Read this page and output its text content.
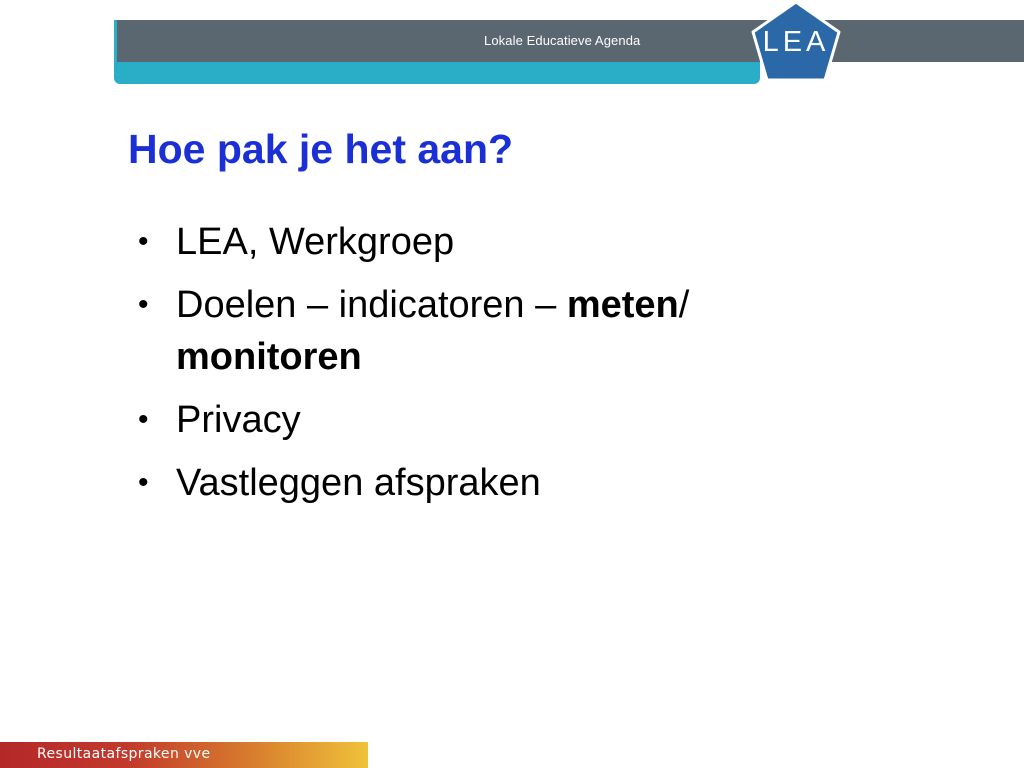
Lokale Educatieve Agenda	LEA
Hoe pak je het aan?
• LEA, Werkgroep
• Doelen – indicatoren – meten/
monitoren
• Privacy
• Vastleggen afspraken
Resultaatafspraken vve
